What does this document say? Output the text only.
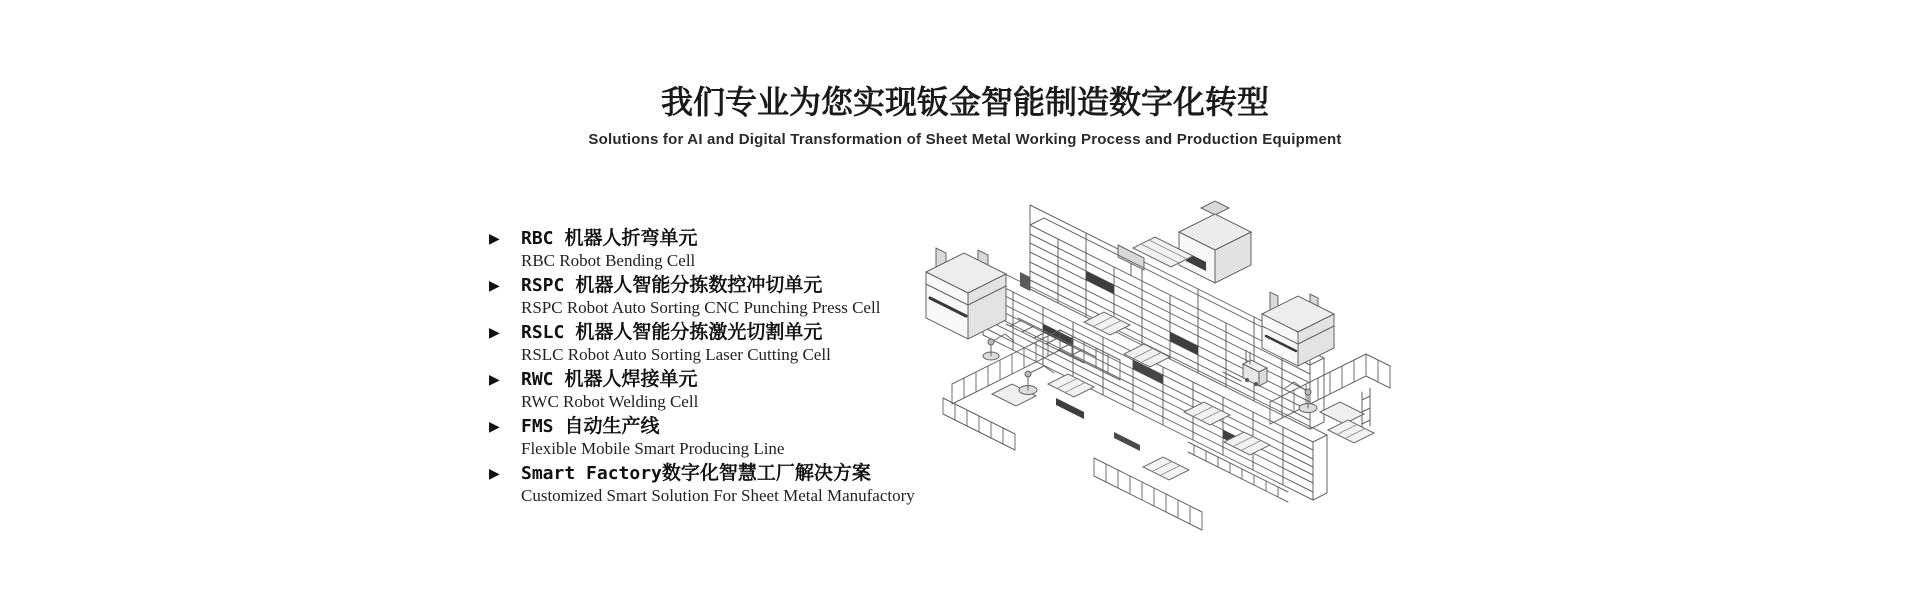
我们专业为您实现钣金智能制造数字化转型
Solutions for AI and Digital Transformation of Sheet Metal Working Process and Production Equipment
▶	RBC 机器人折弯单元
RBC Robot Bending Cell
▶	RSPC 机器人智能分拣数控冲切单元
RSPC Robot Auto Sorting CNC Punching Press Cell
▶	RSLC 机器人智能分拣激光切割单元
RSLC Robot Auto Sorting Laser Cutting Cell
▶	RWC 机器人焊接单元
RWC Robot Welding Cell
▶	FMS 自动生产线
Flexible Mobile Smart Producing Line
▶	Smart Factory数字化智慧工厂解决方案
Customized Smart Solution For Sheet Metal Manufactory
